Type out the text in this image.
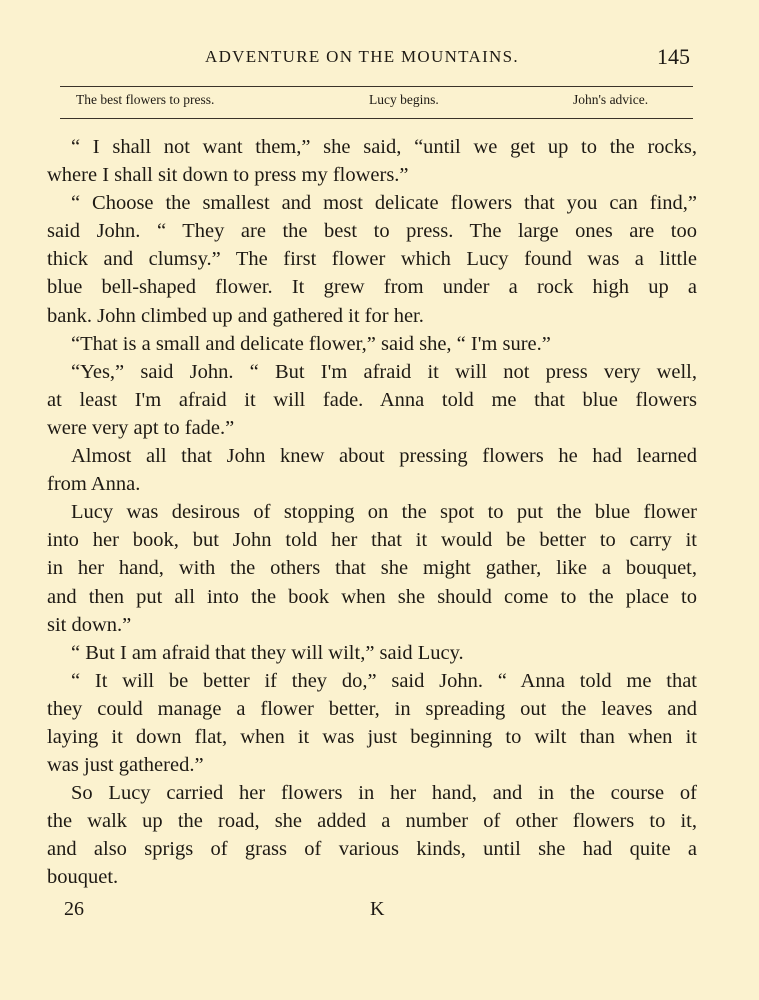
ADVENTURE ON THE MOUNTAINS.	145
The best flowers to press.	Lucy begins.	John's advice.
“ I shall not want them,” she said, “until we get up to the rocks,
where I shall sit down to press my flowers.”
“ Choose the smallest and most delicate flowers that you can find,”
said John. “ They are the best to press. The large ones are too
thick and clumsy.” The first flower which Lucy found was a little
blue bell-shaped flower. It grew from under a rock high up a
bank. John climbed up and gathered it for her.
“That is a small and delicate flower,” said she, “ I'm sure.”
“Yes,” said John. “ But I'm afraid it will not press very well,
at least I'm afraid it will fade. Anna told me that blue flowers
were very apt to fade.”
Almost all that John knew about pressing flowers he had learned
from Anna.
Lucy was desirous of stopping on the spot to put the blue flower
into her book, but John told her that it would be better to carry it
in her hand, with the others that she might gather, like a bouquet,
and then put all into the book when she should come to the place to
sit down.”
“ But I am afraid that they will wilt,” said Lucy.
“ It will be better if they do,” said John. “ Anna told me that
they could manage a flower better, in spreading out the leaves and
laying it down flat, when it was just beginning to wilt than when it
was just gathered.”
So Lucy carried her flowers in her hand, and in the course of
the walk up the road, she added a number of other flowers to it,
and also sprigs of grass of various kinds, until she had quite a
bouquet.
26	K
